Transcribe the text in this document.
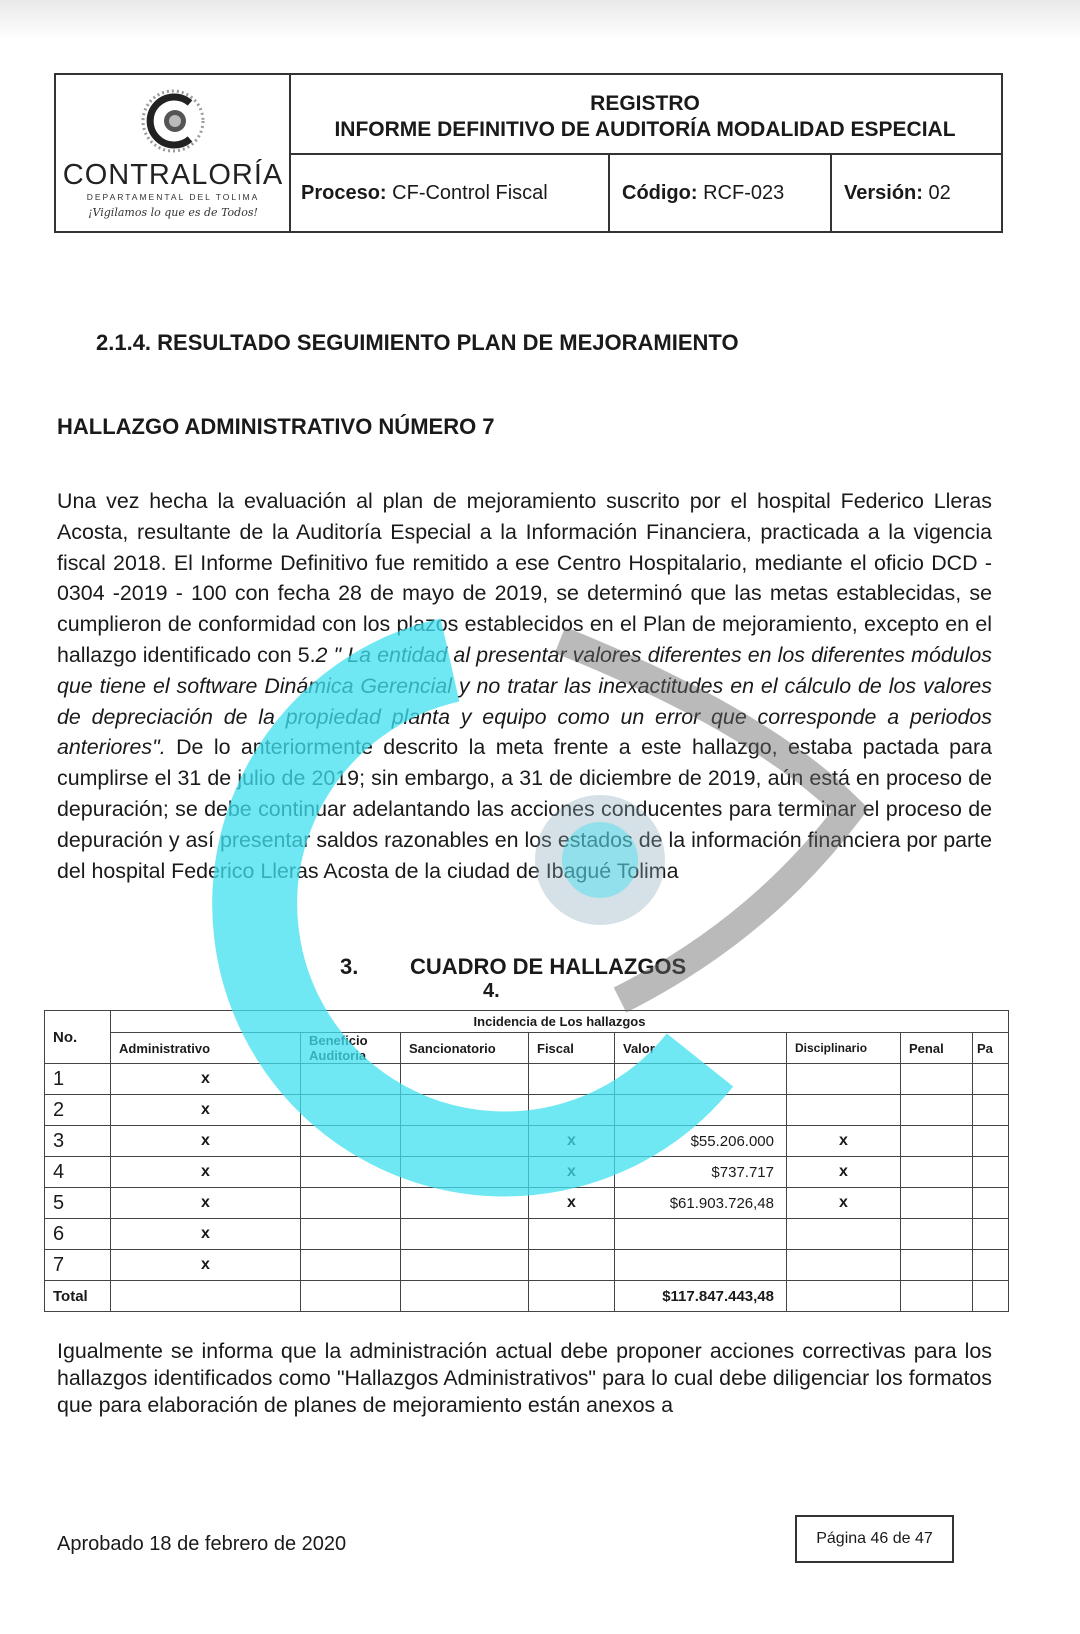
CONTRALORÍA
DEPARTAMENTAL DEL TOLIMA
¡Vigilamos lo que es de Todos!
REGISTRO
INFORME DEFINITIVO DE AUDITORÍA MODALIDAD ESPECIAL
Proceso: CF-Control Fiscal	Código: RCF-023	Versión: 02
2.1.4. RESULTADO SEGUIMIENTO PLAN DE MEJORAMIENTO
HALLAZGO ADMINISTRATIVO NÚMERO 7
Una vez hecha la evaluación al plan de mejoramiento suscrito por el hospital Federico Lleras Acosta, resultante de la Auditoría Especial a la Información Financiera, practicada a la vigencia fiscal 2018. El Informe Definitivo fue remitido a ese Centro Hospitalario, mediante el oficio DCD - 0304 -2019 - 100 con fecha 28 de mayo de 2019, se determinó que las metas establecidas, se cumplieron de conformidad con los plazos establecidos en el Plan de mejoramiento, excepto en el hallazgo identificado con 5.2 " La entidad al presentar valores diferentes en los diferentes módulos que tiene el software Dinámica Gerencial y no tratar las inexactitudes en el cálculo de los valores de depreciación de la propiedad planta y equipo como un error que corresponde a periodos anteriores". De lo anteriormente descrito la meta frente a este hallazgo, estaba pactada para cumplirse el 31 de julio de 2019; sin embargo, a 31 de diciembre de 2019, aún está en proceso de depuración; se debe continuar adelantando las acciones conducentes para terminar el proceso de depuración y así presentar saldos razonables en los estados de la información financiera por parte del hospital Federico Lleras Acosta de la ciudad de Ibagué Tolima
3. CUADRO DE HALLAZGOS
4.
No.	Incidencia de Los hallazgos							
	Administrativo	Beneficio Auditoria	Sancionatorio	Fiscal	Valor	Disciplinario	Penal	Pa
1	x							
2	x							
3	x			x	$55.206.000	x		
4	x			x	$737.717	x		
5	x			x	$61.903.726,48	x		
6	x							
7	x							
Total					$117.847.443,48			
Igualmente se informa que la administración actual debe proponer acciones correctivas para los hallazgos identificados como "Hallazgos Administrativos" para lo cual debe diligenciar los formatos que para elaboración de planes de mejoramiento están anexos a
Aprobado 18 de febrero de 2020	Página 46 de 47
